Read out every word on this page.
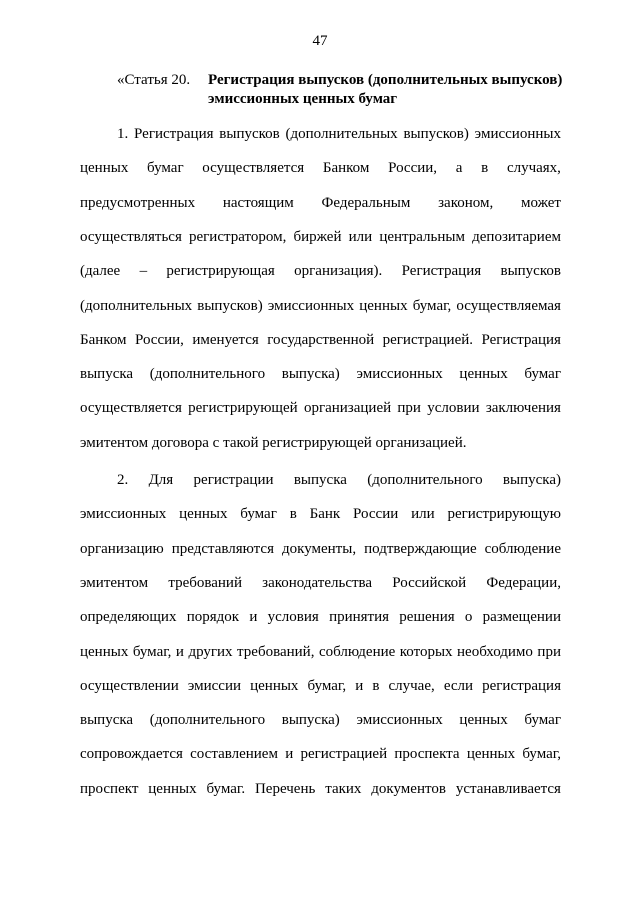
47
«Статья 20. Регистрация выпусков (дополнительных выпусков)
эмиссионных ценных бумаг
1. Регистрация выпусков (дополнительных выпусков) эмиссионных
ценных бумаг осуществляется Банком России, а в случаях,
предусмотренных настоящим Федеральным законом, может
осуществляться регистратором, биржей или центральным депозитарием
(далее – регистрирующая организация). Регистрация выпусков
(дополнительных выпусков) эмиссионных ценных бумаг, осуществляемая
Банком России, именуется государственной регистрацией. Регистрация
выпуска (дополнительного выпуска) эмиссионных ценных бумаг
осуществляется регистрирующей организацией при условии заключения
эмитентом договора с такой регистрирующей организацией.
2. Для регистрации выпуска (дополнительного выпуска)
эмиссионных ценных бумаг в Банк России или регистрирующую
организацию представляются документы, подтверждающие соблюдение
эмитентом требований законодательства Российской Федерации,
определяющих порядок и условия принятия решения о размещении
ценных бумаг, и других требований, соблюдение которых необходимо при
осуществлении эмиссии ценных бумаг, и в случае, если регистрация
выпуска (дополнительного выпуска) эмиссионных ценных бумаг
сопровождается составлением и регистрацией проспекта ценных бумаг,
проспект ценных бумаг. Перечень таких документов устанавливается
